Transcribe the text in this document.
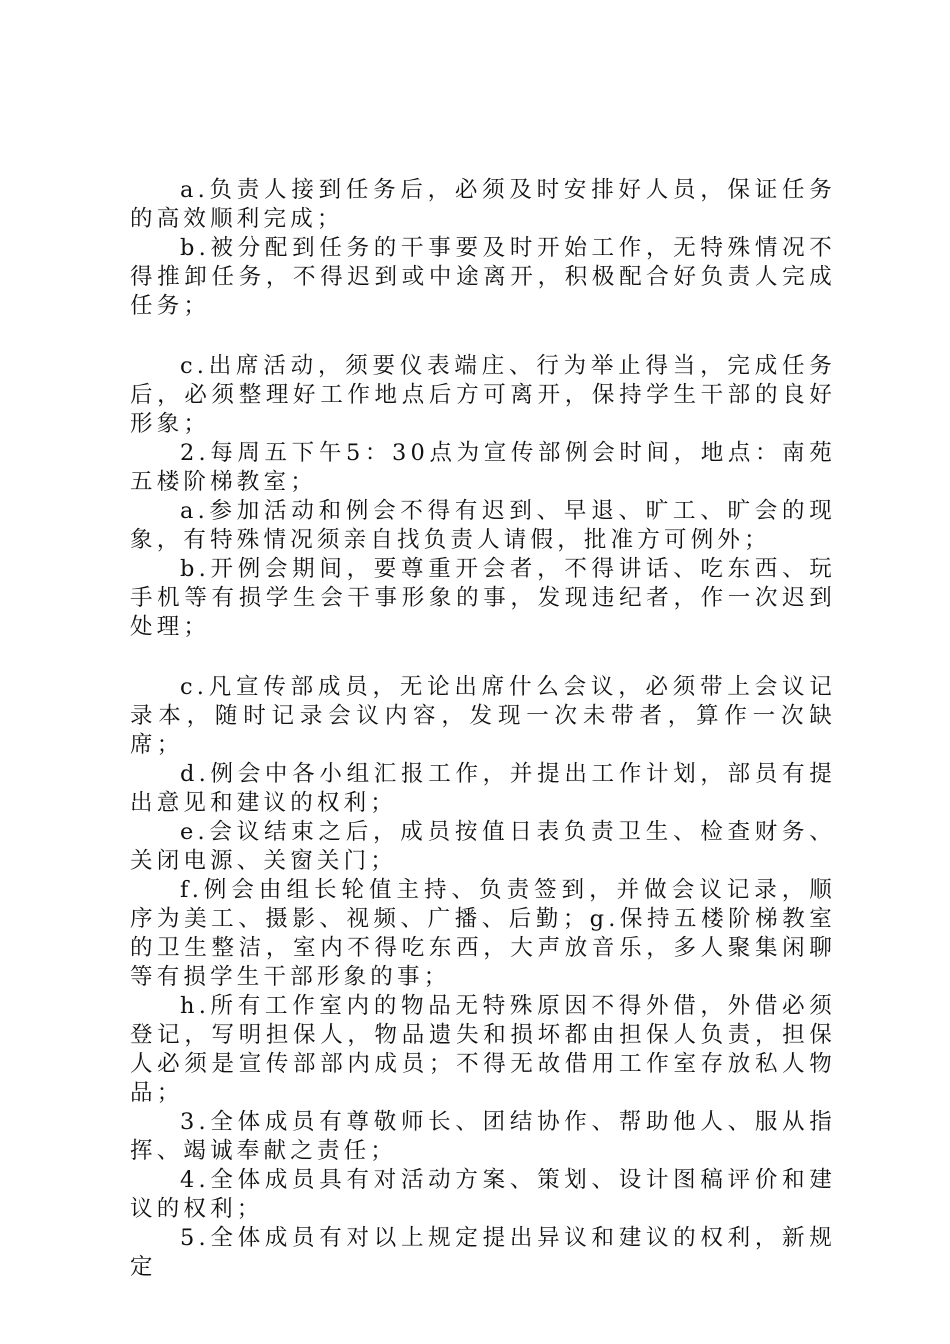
a.负责人接到任务后，必须及时安排好人员，保证任务的高效顺利完成；

b.被分配到任务的干事要及时开始工作，无特殊情况不得推卸任务，不得迟到或中途离开，积极配合好负责人完成任务；

c.出席活动，须要仪表端庄、行为举止得当，完成任务后，必须整理好工作地点后方可离开，保持学生干部的良好形象；

2.每周五下午5：30点为宣传部例会时间，地点：南苑五楼阶梯教室；

a.参加活动和例会不得有迟到、早退、旷工、旷会的现象，有特殊情况须亲自找负责人请假，批准方可例外；

b.开例会期间，要尊重开会者，不得讲话、吃东西、玩手机等有损学生会干事形象的事，发现违纪者，作一次迟到处理；

c.凡宣传部成员，无论出席什么会议，必须带上会议记录本，随时记录会议内容，发现一次未带者，算作一次缺席；

d.例会中各小组汇报工作，并提出工作计划，部员有提出意见和建议的权利；

e.会议结束之后，成员按值日表负责卫生、检查财务、关闭电源、关窗关门；

f.例会由组长轮值主持、负责签到，并做会议记录，顺序为美工、摄影、视频、广播、后勤；g.保持五楼阶梯教室的卫生整洁，室内不得吃东西，大声放音乐，多人聚集闲聊等有损学生干部形象的事；

h.所有工作室内的物品无特殊原因不得外借，外借必须登记，写明担保人，物品遗失和损坏都由担保人负责，担保人必须是宣传部部内成员；不得无故借用工作室存放私人物品；

3.全体成员有尊敬师长、团结协作、帮助他人、服从指挥、竭诚奉献之责任；

4.全体成员具有对活动方案、策划、设计图稿评价和建议的权利；

5.全体成员有对以上规定提出异议和建议的权利，新规定
